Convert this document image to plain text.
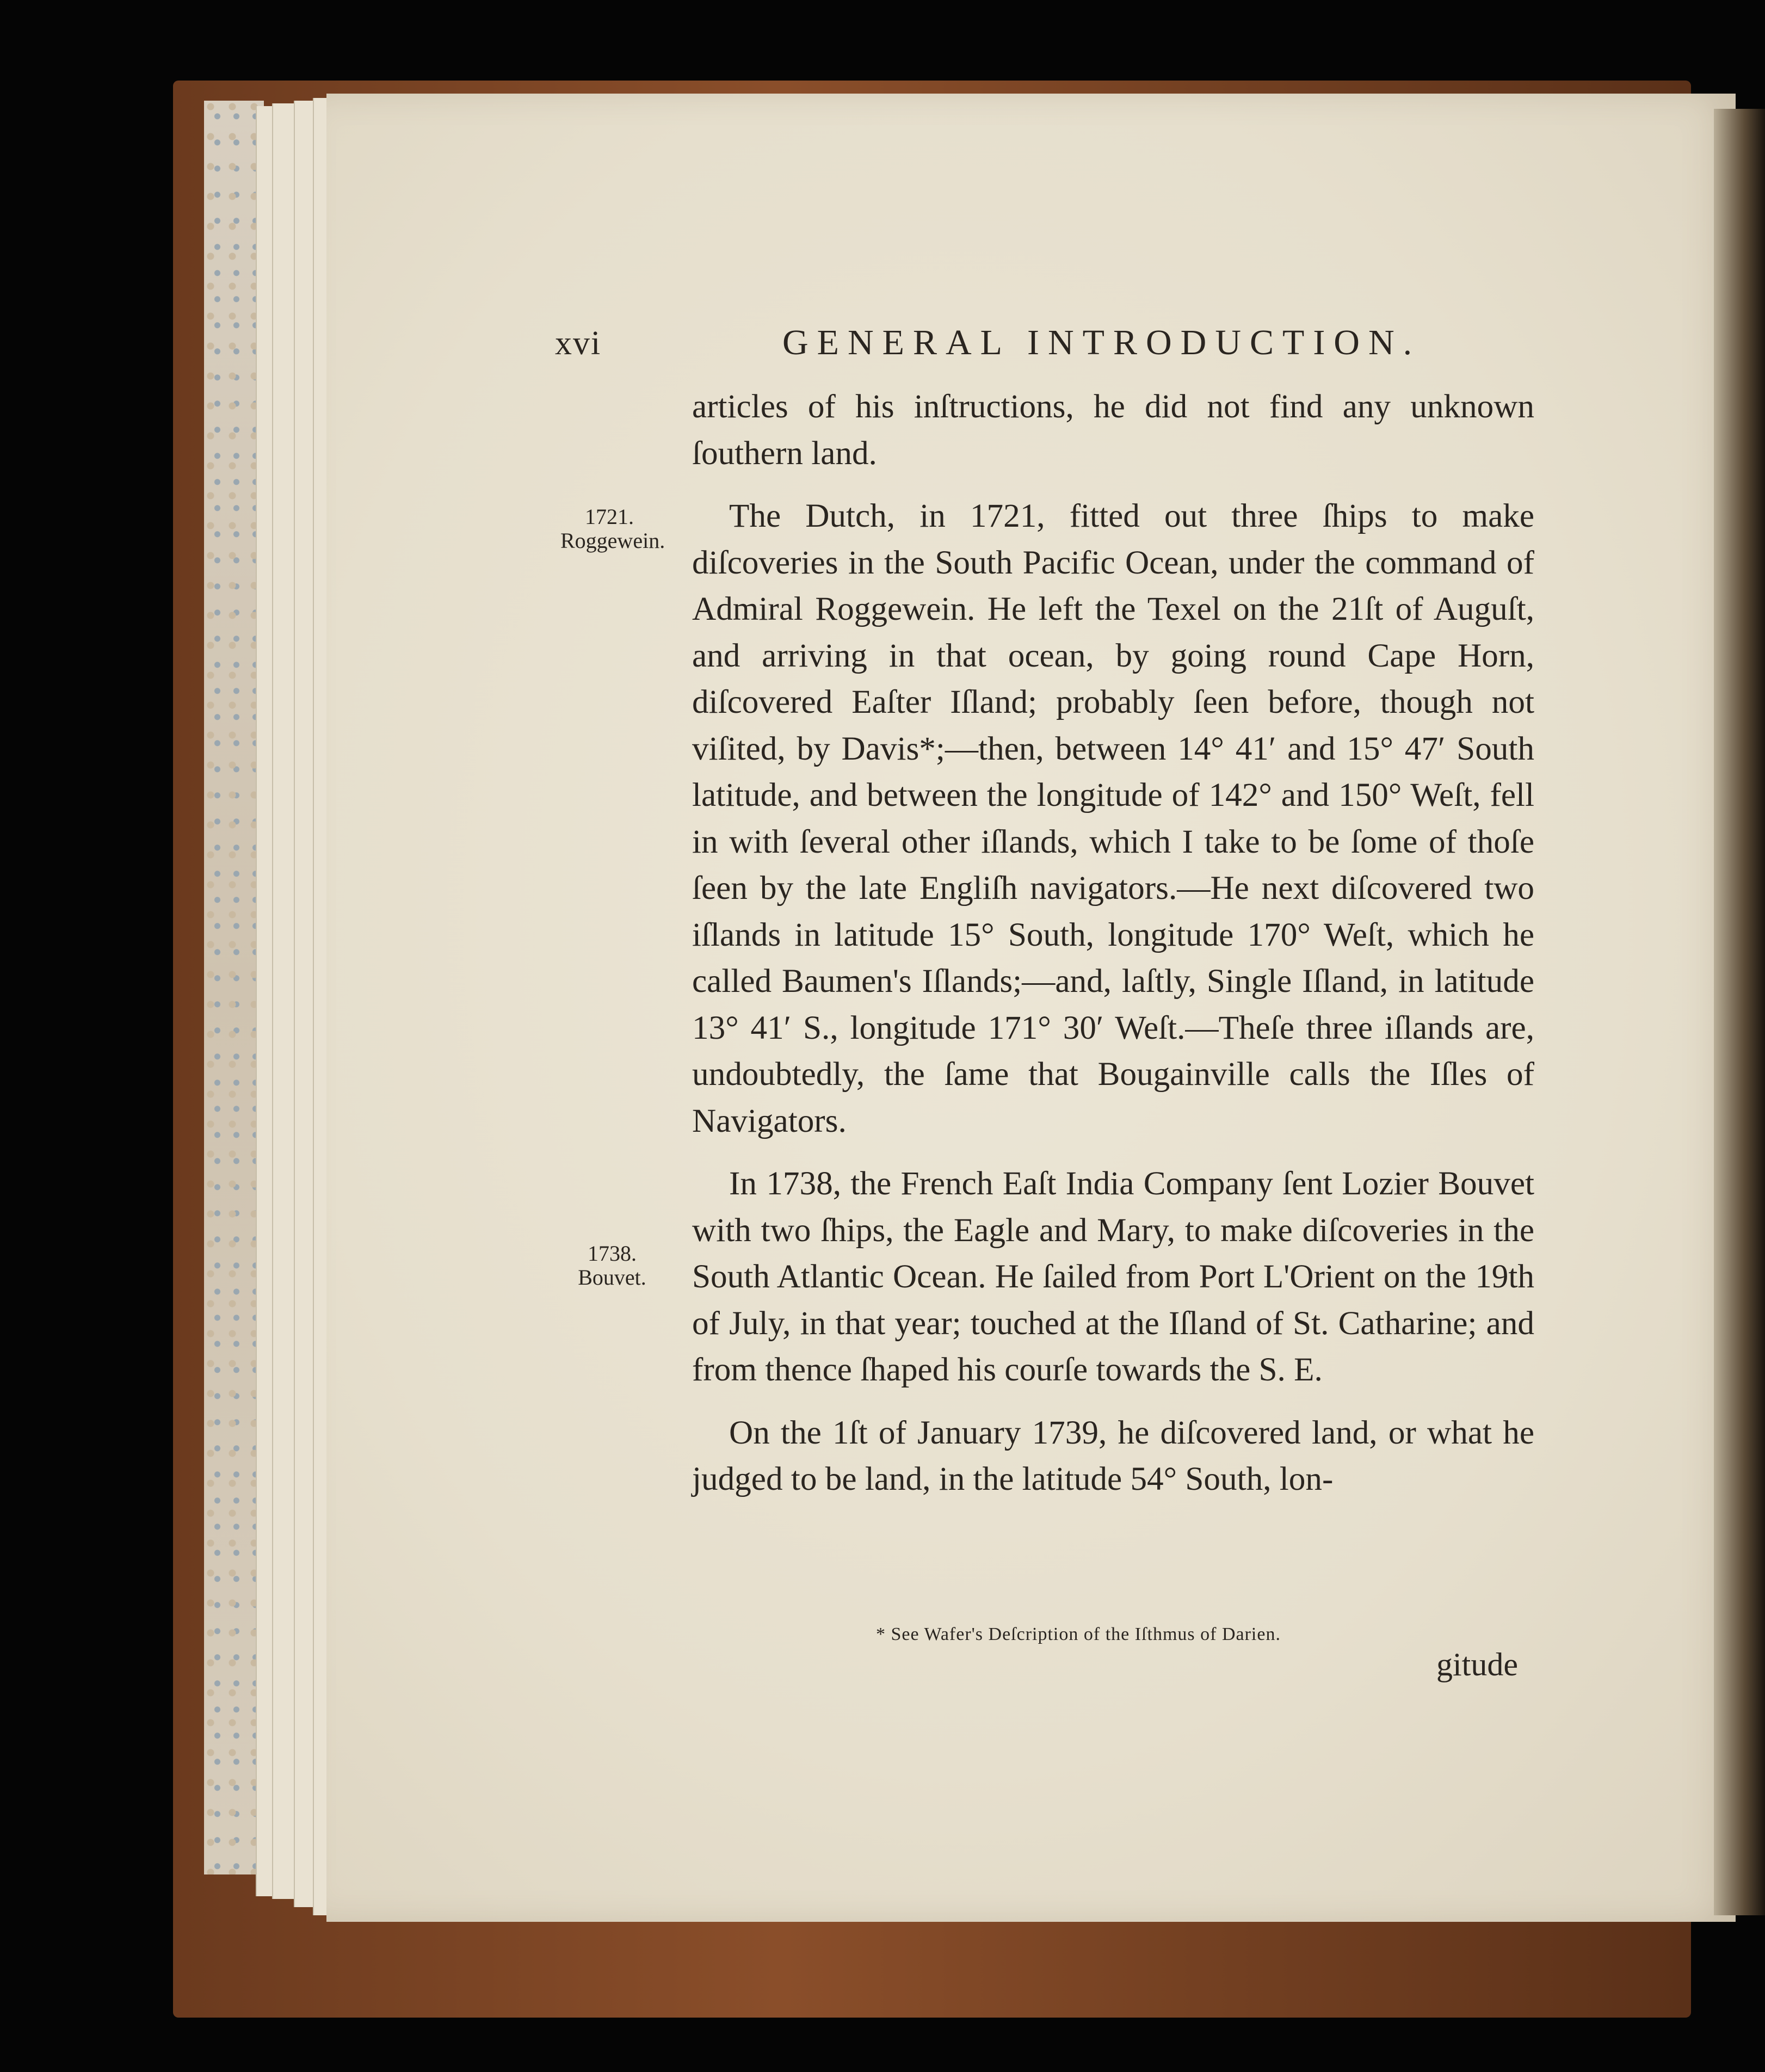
xvi	GENERAL INTRODUCTION.
1721.
Roggewein.
1738.
Bouvet.

articles of his inſtructions, he did not find any unknown ſouthern land.

The Dutch, in 1721, fitted out three ſhips to make diſcoveries in the South Pacific Ocean, under the command of Admiral Roggewein. He left the Texel on the 21ſt of Auguſt, and arriving in that ocean, by going round Cape Horn, diſcovered Eaſter Iſland; probably ſeen before, though not viſited, by Davis*;—then, between 14° 41′ and 15° 47′ South latitude, and between the longitude of 142° and 150° Weſt, fell in with ſeveral other iſlands, which I take to be ſome of thoſe ſeen by the late Engliſh navigators.—He next diſcovered two iſlands in latitude 15° South, longitude 170° Weſt, which he called Baumen's Iſlands;—and, laſtly, Single Iſland, in latitude 13° 41′ S., longitude 171° 30′ Weſt.—Theſe three iſlands are, undoubtedly, the ſame that Bougainville calls the Iſles of Navigators.

In 1738, the French Eaſt India Company ſent Lozier Bouvet with two ſhips, the Eagle and Mary, to make diſcoveries in the South Atlantic Ocean. He ſailed from Port L'Orient on the 19th of July, in that year; touched at the Iſland of St. Catharine; and from thence ſhaped his courſe towards the S. E.

On the 1ſt of January 1739, he diſcovered land, or what he judged to be land, in the latitude 54° South, lon-

* See Wafer's Deſcription of the Iſthmus of Darien.
gitude
